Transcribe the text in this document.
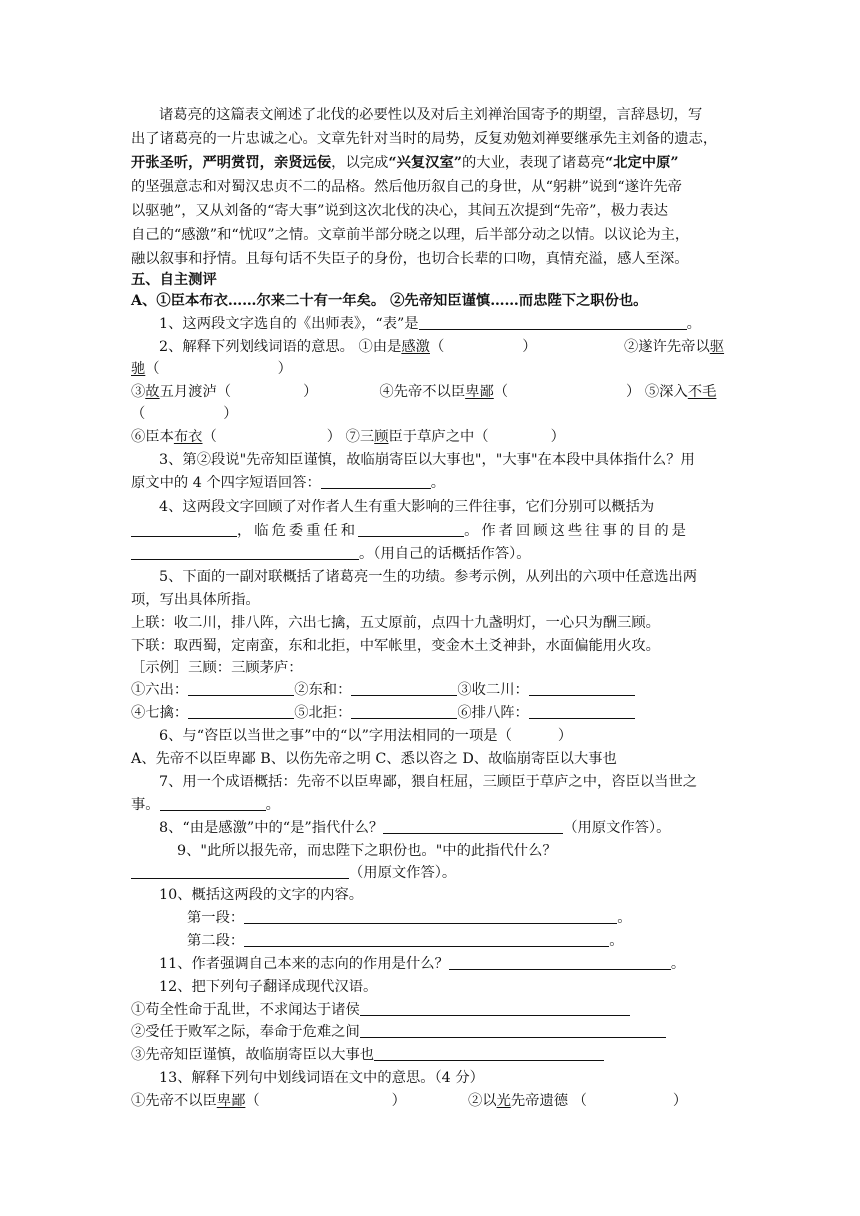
诸葛亮的这篇表文阐述了北伐的必要性以及对后主刘禅治国寄予的期望，言辞恳切，写
出了诸葛亮的一片忠诚之心。文章先针对当时的局势，反复劝勉刘禅要继承先主刘备的遗志，
开张圣听，严明赏罚，亲贤远佞，以完成“兴复汉室”的大业，表现了诸葛亮“北定中原”
的坚强意志和对蜀汉忠贞不二的品格。然后他历叙自己的身世，从“躬耕”说到“遂许先帝
以驱驰”，又从刘备的“寄大事”说到这次北伐的决心，其间五次提到“先帝”，极力表达
自己的“感激”和“忧叹”之情。文章前半部分晓之以理，后半部分动之以情。以议论为主，
融以叙事和抒情。且每句话不失臣子的身份，也切合长辈的口吻，真情充溢，感人至深。
五、自主测评
A、①臣本布衣……尔来二十有一年矣。 ②先帝知臣谨慎……而忠陛下之职份也。
1、这两段文字选自的《出师表》，“表”是	。
2、解释下列划线词语的意思。 ①由是感激（	）	②遂许先帝以驱
驰（	）
③故五月渡泸（	）	④先帝不以臣卑鄙（	） ⑤深入不毛
（	）
⑥臣本布衣（	） ⑦三顾臣于草庐之中（	）
3、第②段说"先帝知臣谨慎，故临崩寄臣以大事也"，"大事"在本段中具体指什么？用
原文中的 4 个四字短语回答：	。
4、这两段文字回顾了对作者人生有重大影响的三件往事，它们分别可以概括为
，临危委重任和	。作者回顾这些往事的目的是
。（用自己的话概括作答）。
5、下面的一副对联概括了诸葛亮一生的功绩。参考示例，从列出的六项中任意选出两
项，写出具体所指。
上联：收二川，排八阵，六出七擒，五丈原前，点四十九盏明灯，一心只为酬三顾。
下联：取西蜀，定南蛮，东和北拒，中军帐里，变金木土爻神卦，水面偏能用火攻。
［示例］三顾：三顾茅庐：
①六出：	②东和：	③收二川：
④七擒：	⑤北拒：	⑥排八阵：
6、与“咨臣以当世之事”中的“以”字用法相同的一项是（	）
A、先帝不以臣卑鄙 B、以伤先帝之明 C、悉以咨之 D、故临崩寄臣以大事也
7、用一个成语概括：先帝不以臣卑鄙，猥自枉屈，三顾臣于草庐之中，咨臣以当世之
事。	。
8、“由是感激”中的“是”指代什么？	（用原文作答）。
9、"此所以报先帝，而忠陛下之职份也。"中的此指代什么？
（用原文作答）。
10、概括这两段的文字的内容。
第一段：	。
第二段：	。
11、作者强调自己本来的志向的作用是什么？	。
12、把下列句子翻译成现代汉语。
①苟全性命于乱世，不求闻达于诸侯
②受任于败军之际，奉命于危难之间
③先帝知臣谨慎，故临崩寄臣以大事也
13、解释下列句中划线词语在文中的意思。（4 分）
①先帝不以臣卑鄙（	）	②以光先帝遗德 （	）
